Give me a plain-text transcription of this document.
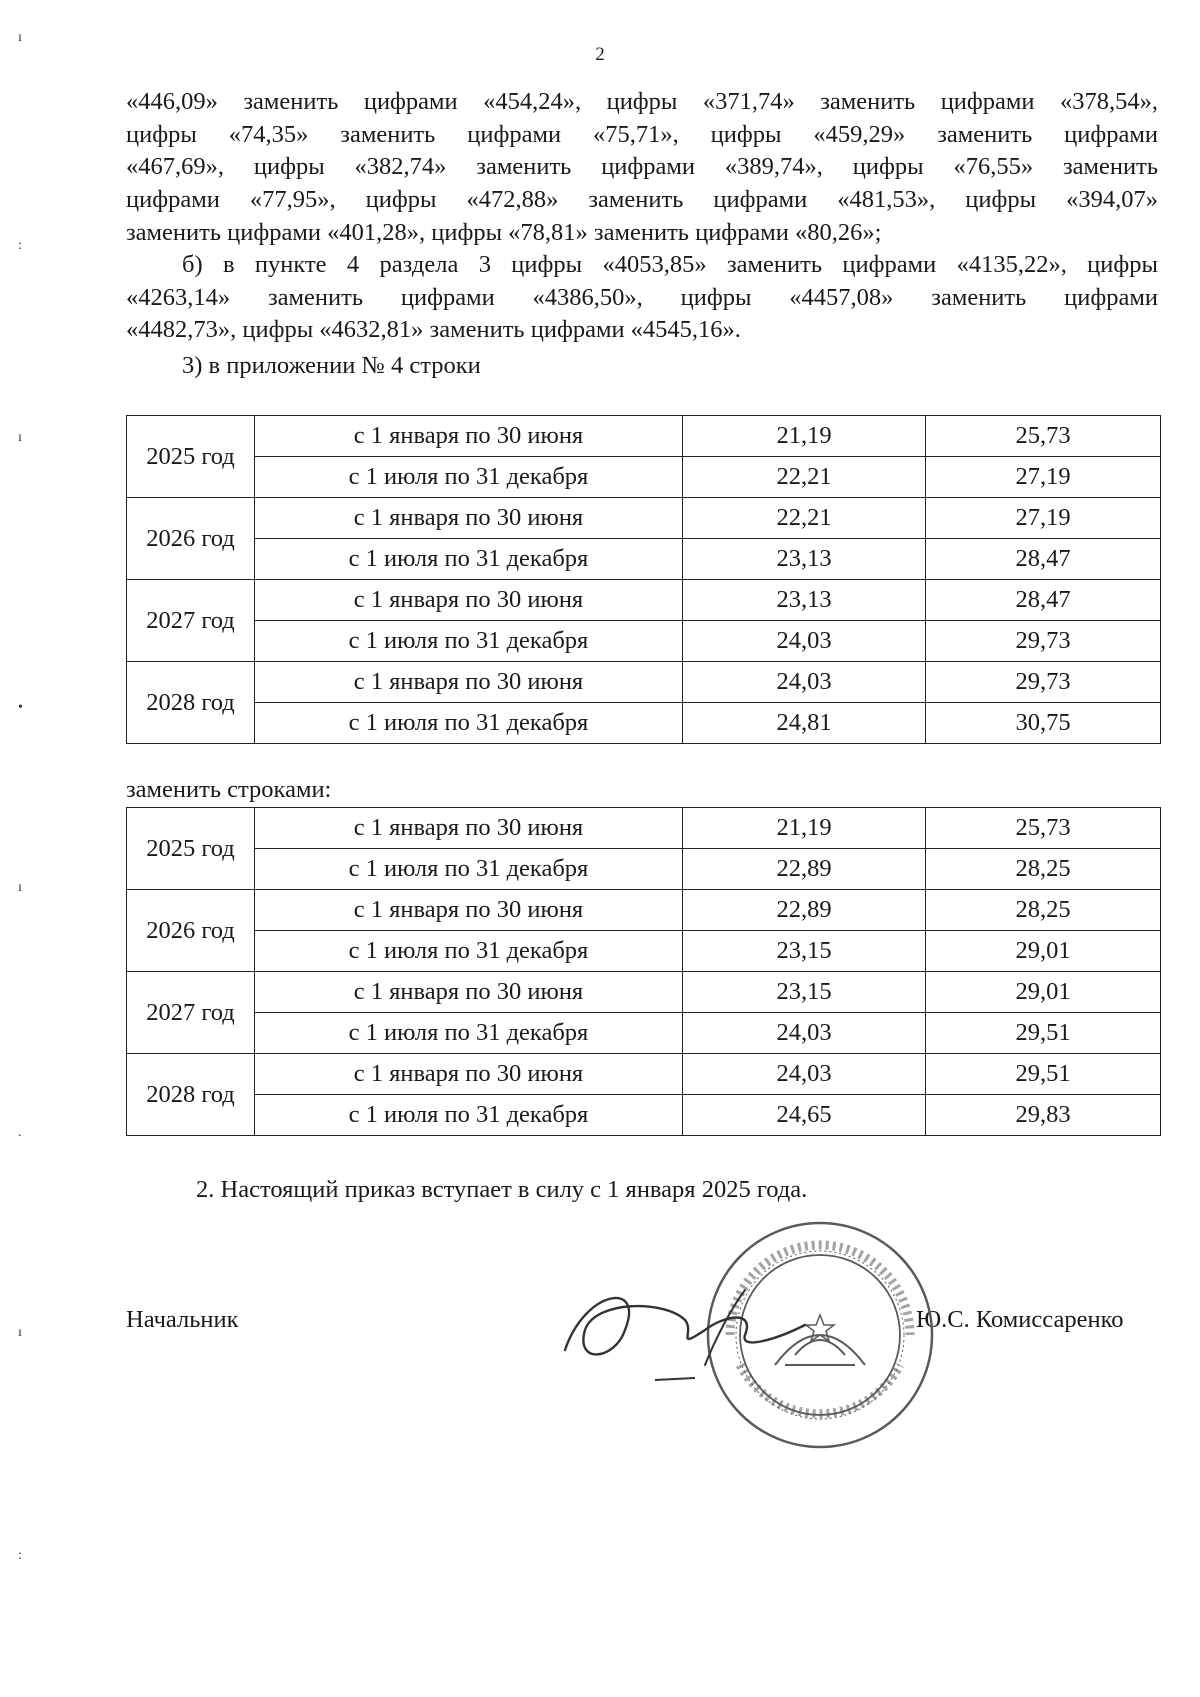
2
«446,09» заменить цифрами «454,24», цифры «371,74» заменить цифрами «378,54»,
цифры «74,35» заменить цифрами «75,71», цифры «459,29» заменить цифрами
«467,69», цифры «382,74» заменить цифрами «389,74», цифры «76,55» заменить
цифрами «77,95», цифры «472,88» заменить цифрами «481,53», цифры «394,07»
заменить цифрами «401,28», цифры «78,81» заменить цифрами «80,26»;
б) в пункте 4 раздела 3 цифры «4053,85» заменить цифрами «4135,22», цифры
«4263,14» заменить цифрами «4386,50», цифры «4457,08» заменить цифрами
«4482,73», цифры «4632,81» заменить цифрами «4545,16».
3) в приложении № 4 строки
2025 год	с 1 января по 30 июня	21,19	25,73
	с 1 июля по 31 декабря	22,21	27,19
2026 год	с 1 января по 30 июня	22,21	27,19
	с 1 июля по 31 декабря	23,13	28,47
2027 год	с 1 января по 30 июня	23,13	28,47
	с 1 июля по 31 декабря	24,03	29,73
2028 год	с 1 января по 30 июня	24,03	29,73
	с 1 июля по 31 декабря	24,81	30,75
заменить строками:
2025 год	с 1 января по 30 июня	21,19	25,73
	с 1 июля по 31 декабря	22,89	28,25
2026 год	с 1 января по 30 июня	22,89	28,25
	с 1 июля по 31 декабря	23,15	29,01
2027 год	с 1 января по 30 июня	23,15	29,01
	с 1 июля по 31 декабря	24,03	29,51
2028 год	с 1 января по 30 июня	24,03	29,51
	с 1 июля по 31 декабря	24,65	29,83
2. Настоящий приказ вступает в силу с 1 января 2025 года.
Начальник	Ю.С. Комиссаренко
ı
:
ı
•
ı
.
ı
:
